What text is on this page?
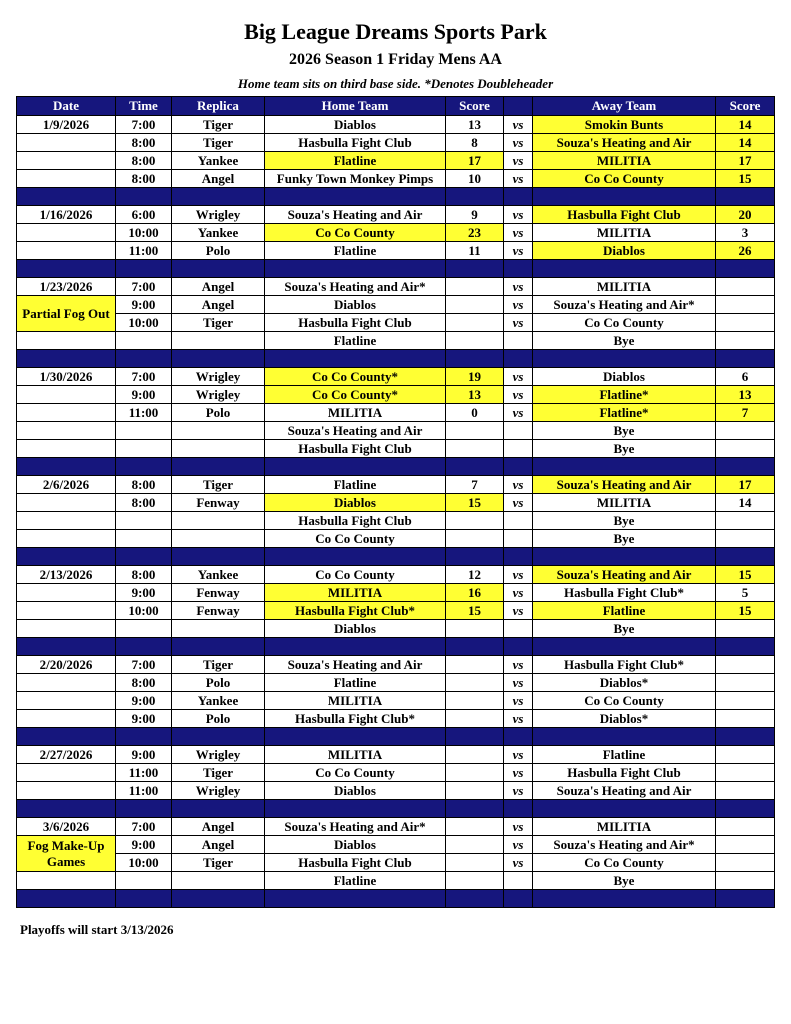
Big League Dreams Sports Park
2026 Season 1 Friday Mens AA
Home team sits on third base side. *Denotes Doubleheader
Date	Time	Replica	Home Team	Score		Away Team	Score
1/9/2026	7:00	Tiger	Diablos	13	vs	Smokin Bunts	14
	8:00	Tiger	Hasbulla Fight Club	8	vs	Souza's Heating and Air	14
	8:00	Yankee	Flatline	17	vs	MILITIA	17
	8:00	Angel	Funky Town Monkey Pimps	10	vs	Co Co County	15

1/16/2026	6:00	Wrigley	Souza's Heating and Air	9	vs	Hasbulla Fight Club	20
	10:00	Yankee	Co Co County	23	vs	MILITIA	3
	11:00	Polo	Flatline	11	vs	Diablos	26

1/23/2026	7:00	Angel	Souza's Heating and Air*		vs	MILITIA	
Partial Fog Out	9:00	Angel	Diablos		vs	Souza's Heating and Air*	
	10:00	Tiger	Hasbulla Fight Club		vs	Co Co County	
			Flatline			Bye	

1/30/2026	7:00	Wrigley	Co Co County*	19	vs	Diablos	6
	9:00	Wrigley	Co Co County*	13	vs	Flatline*	13
	11:00	Polo	MILITIA	0	vs	Flatline*	7
			Souza's Heating and Air			Bye	
			Hasbulla Fight Club			Bye	

2/6/2026	8:00	Tiger	Flatline	7	vs	Souza's Heating and Air	17
	8:00	Fenway	Diablos	15	vs	MILITIA	14
			Hasbulla Fight Club			Bye	
			Co Co County			Bye	

2/13/2026	8:00	Yankee	Co Co County	12	vs	Souza's Heating and Air	15
	9:00	Fenway	MILITIA	16	vs	Hasbulla Fight Club*	5
	10:00	Fenway	Hasbulla Fight Club*	15	vs	Flatline	15
			Diablos			Bye	

2/20/2026	7:00	Tiger	Souza's Heating and Air		vs	Hasbulla Fight Club*	
	8:00	Polo	Flatline		vs	Diablos*	
	9:00	Yankee	MILITIA		vs	Co Co County	
	9:00	Polo	Hasbulla Fight Club*		vs	Diablos*	

2/27/2026	9:00	Wrigley	MILITIA		vs	Flatline	
	11:00	Tiger	Co Co County		vs	Hasbulla Fight Club	
	11:00	Wrigley	Diablos		vs	Souza's Heating and Air	

3/6/2026	7:00	Angel	Souza's Heating and Air*		vs	MILITIA	
Fog Make-Up Games	9:00	Angel	Diablos		vs	Souza's Heating and Air*	
	10:00	Tiger	Hasbulla Fight Club		vs	Co Co County	
			Flatline			Bye	

Playoffs will start 3/13/2026
